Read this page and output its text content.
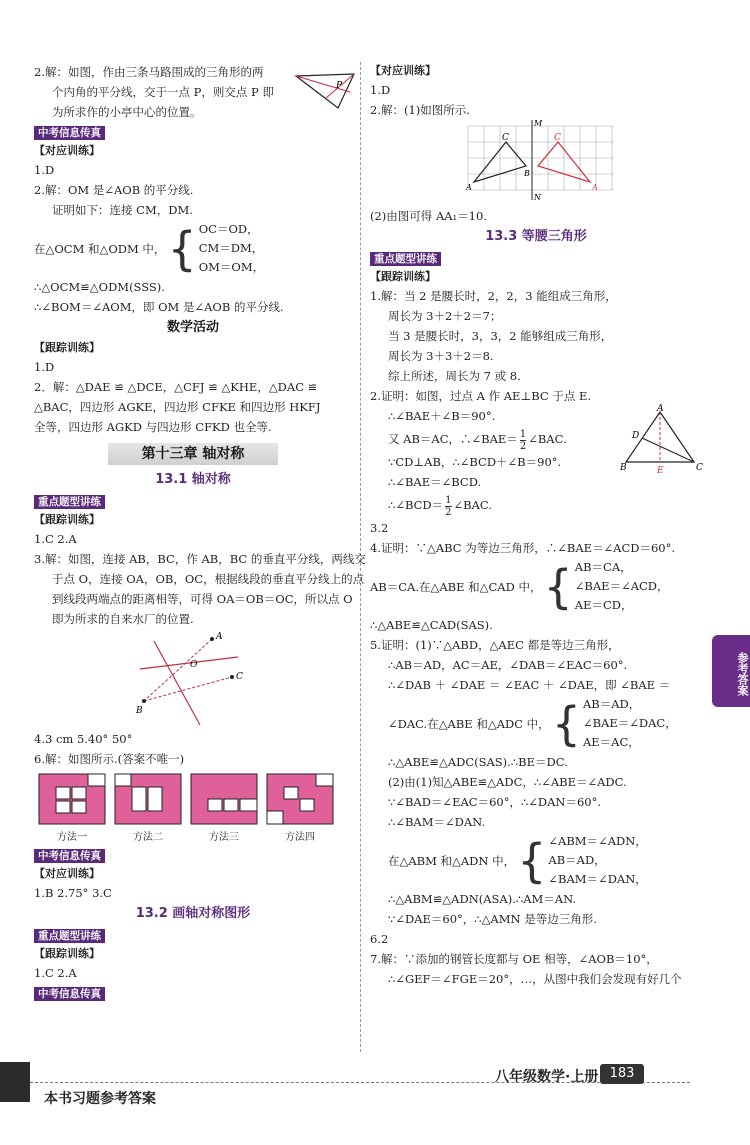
2.解：如图，作由三条马路围成的三角形的两

个内角的平分线，交于一点 P，则交点 P 即

为所求作的小亭中心的位置。

P
中考信息传真
【对应训练】

1.D

2.解：OM 是∠AOB 的平分线.

证明如下：连接 CM，DM.

在△OCM 和△ODM 中， { OC＝OD，
CM＝DM，
OM＝OM，

∴△OCM≌△ODM(SSS).

∴∠BOM＝∠AOM，即 OM 是∠AOB 的平分线.

数学活动
【跟踪训练】

1.D

2．解：△DAE ≌ △DCE，△CFJ ≌ △KHE，△DAC ≌

△BAC，四边形 AGKE，四边形 CFKE 和四边形 HKFJ

全等，四边形 AGKD 与四边形 CFKD 也全等.

第十三章 轴对称
13.1 轴对称
重点题型讲练
【跟踪训练】

1.C 2.A

3.解：如图，连接 AB，BC，作 AB，BC 的垂直平分线，两线交

于点 O，连接 OA，OB，OC，根据线段的垂直平分线上的点

到线段两端点的距离相等，可得 OA＝OB＝OC，所以点 O

即为所求的自来水厂的位置.

A
B
C
O

4.3 cm 5.40° 50°

6.解：如图所示.(答案不唯一)

方法一	方法二	方法三	方法四
中考信息传真
【对应训练】

1.B 2.75° 3.C

13.2 画轴对称图形
重点题型讲练
【跟踪训练】

1.C 2.A

中考信息传真
【对应训练】

1.D

2.解：(1)如图所示.

C	C
M
N
A	A
B

(2)由图可得 AA₁＝10.

13.3 等腰三角形
重点题型讲练
【跟踪训练】

1.解：当 2 是腰长时，2，2，3 能组成三角形，

周长为 3＋2＋2＝7；

当 3 是腰长时，3，3，2 能够组成三角形，

周长为 3＋3＋2＝8.

综上所述，周长为 7 或 8.

2.证明：如图，过点 A 作 AE⊥BC 于点 E.

∴∠BAE＋∠B＝90°.

又 AB＝AC，∴∠BAE＝ $\frac{1}{2}$ ∠BAC.

∵CD⊥AB，∴∠BCD＋∠B＝90°.

∴∠BAE＝∠BCD.

∴∠BCD＝ $\frac{1}{2}$ ∠BAC.

A
B	C
D
E

3.2

4.证明：∵△ABC 为等边三角形，∴∠BAE＝∠ACD＝60°.

AB＝CA.在△ABE 和△CAD 中， { AB＝CA，
∠BAE＝∠ACD，
AE＝CD，

∴△ABE≌△CAD(SAS).

5.证明：(1)∵△ABD，△AEC 都是等边三角形，

∴AB＝AD，AC＝AE，∠DAB＝∠EAC＝60°.

∴∠DAB ＋ ∠DAE ＝ ∠EAC ＋ ∠DAE，即 ∠BAE ＝

∠DAC.在△ABE 和△ADC 中， { AB＝AD，
∠BAE＝∠DAC，
AE＝AC，

∴△ABE≌△ADC(SAS).∴BE＝DC.

(2)由(1)知△ABE≌△ADC，∴∠ABE＝∠ADC.

∵∠BAD＝∠EAC＝60°，∴∠DAN＝60°.

∴∠BAM＝∠DAN.

在△ABM 和△ADN 中， { ∠ABM＝∠ADN，
AB＝AD，
∠BAM＝∠DAN，

∴△ABM≌△ADN(ASA).∴AM＝AN.

∵∠DAE＝60°，∴△AMN 是等边三角形.

6.2

7.解：∵添加的钢管长度都与 OE 相等，∠AOB＝10°，

∴∠GEF＝∠FGE＝20°，…，从图中我们会发现有好几个

参考答案
本书习题参考答案
八年级数学·上册 183
